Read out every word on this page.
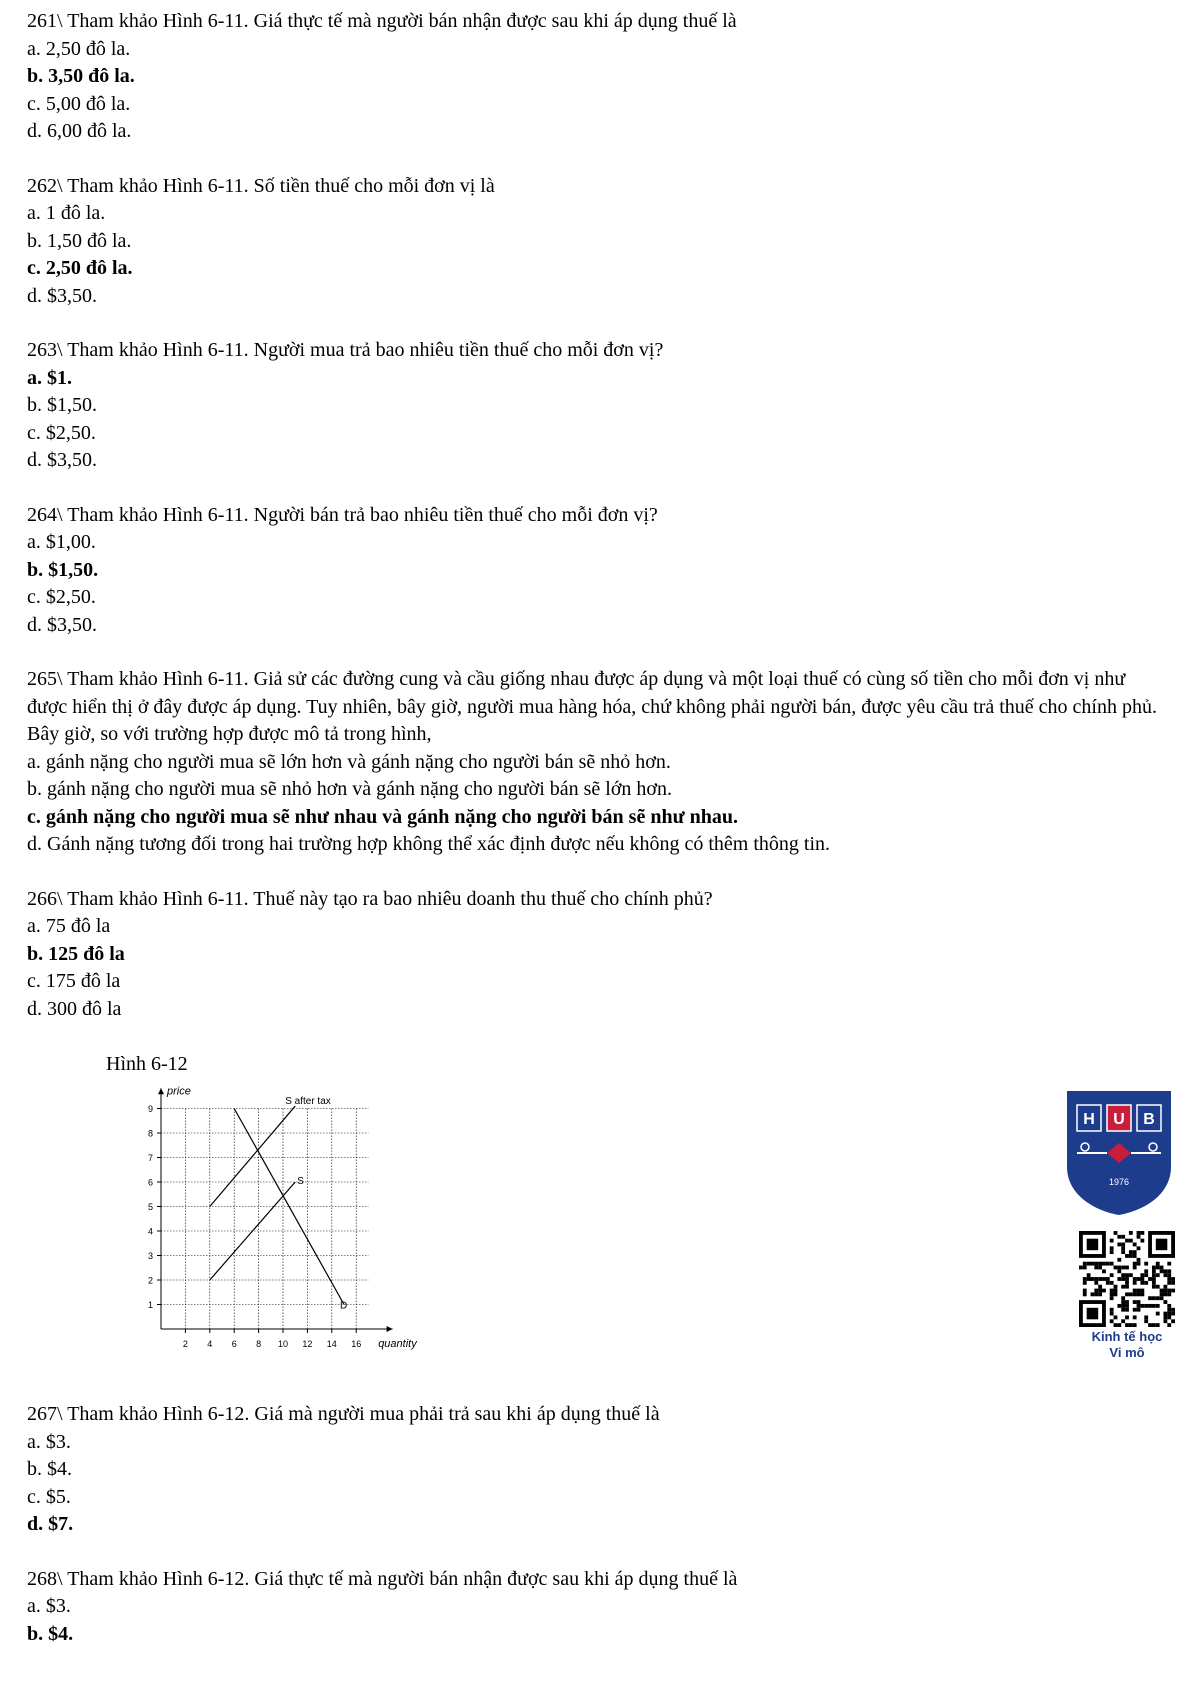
261\ Tham khảo Hình 6-11. Giá thực tế mà người bán nhận được sau khi áp dụng thuế là

a. 2,50 đô la.

b. 3,50 đô la.

c. 5,00 đô la.

d. 6,00 đô la.

262\ Tham khảo Hình 6-11. Số tiền thuế cho mỗi đơn vị là

a. 1 đô la.

b. 1,50 đô la.

c. 2,50 đô la.

d. $3,50.

263\ Tham khảo Hình 6-11. Người mua trả bao nhiêu tiền thuế cho mỗi đơn vị?

a. $1.

b. $1,50.

c. $2,50.

d. $3,50.

264\ Tham khảo Hình 6-11. Người bán trả bao nhiêu tiền thuế cho mỗi đơn vị?

a. $1,00.

b. $1,50.

c. $2,50.

d. $3,50.

265\ Tham khảo Hình 6-11. Giả sử các đường cung và cầu giống nhau được áp dụng và một loại thuế có cùng số tiền cho mỗi đơn vị như được hiển thị ở đây được áp dụng. Tuy nhiên, bây giờ, người mua hàng hóa, chứ không phải người bán, được yêu cầu trả thuế cho chính phủ. Bây giờ, so với trường hợp được mô tả trong hình,

a. gánh nặng cho người mua sẽ lớn hơn và gánh nặng cho người bán sẽ nhỏ hơn.

b. gánh nặng cho người mua sẽ nhỏ hơn và gánh nặng cho người bán sẽ lớn hơn.

c. gánh nặng cho người mua sẽ như nhau và gánh nặng cho người bán sẽ như nhau.

d. Gánh nặng tương đối trong hai trường hợp không thể xác định được nếu không có thêm thông tin.

266\ Tham khảo Hình 6-11. Thuế này tạo ra bao nhiêu doanh thu thuế cho chính phủ?

a. 75 đô la

b. 125 đô la

c. 175 đô la

d. 300 đô la

Hình 6-12
1
2
3
4
5
6
7
8
9
2 4 6 8 10 12 14 16
price
quantity
S after tax
S
D
H U B
1976
Kinh tế học
Vi mô

267\ Tham khảo Hình 6-12. Giá mà người mua phải trả sau khi áp dụng thuế là

a. $3.

b. $4.

c. $5.

d. $7.

268\ Tham khảo Hình 6-12. Giá thực tế mà người bán nhận được sau khi áp dụng thuế là

a. $3.

b. $4.
